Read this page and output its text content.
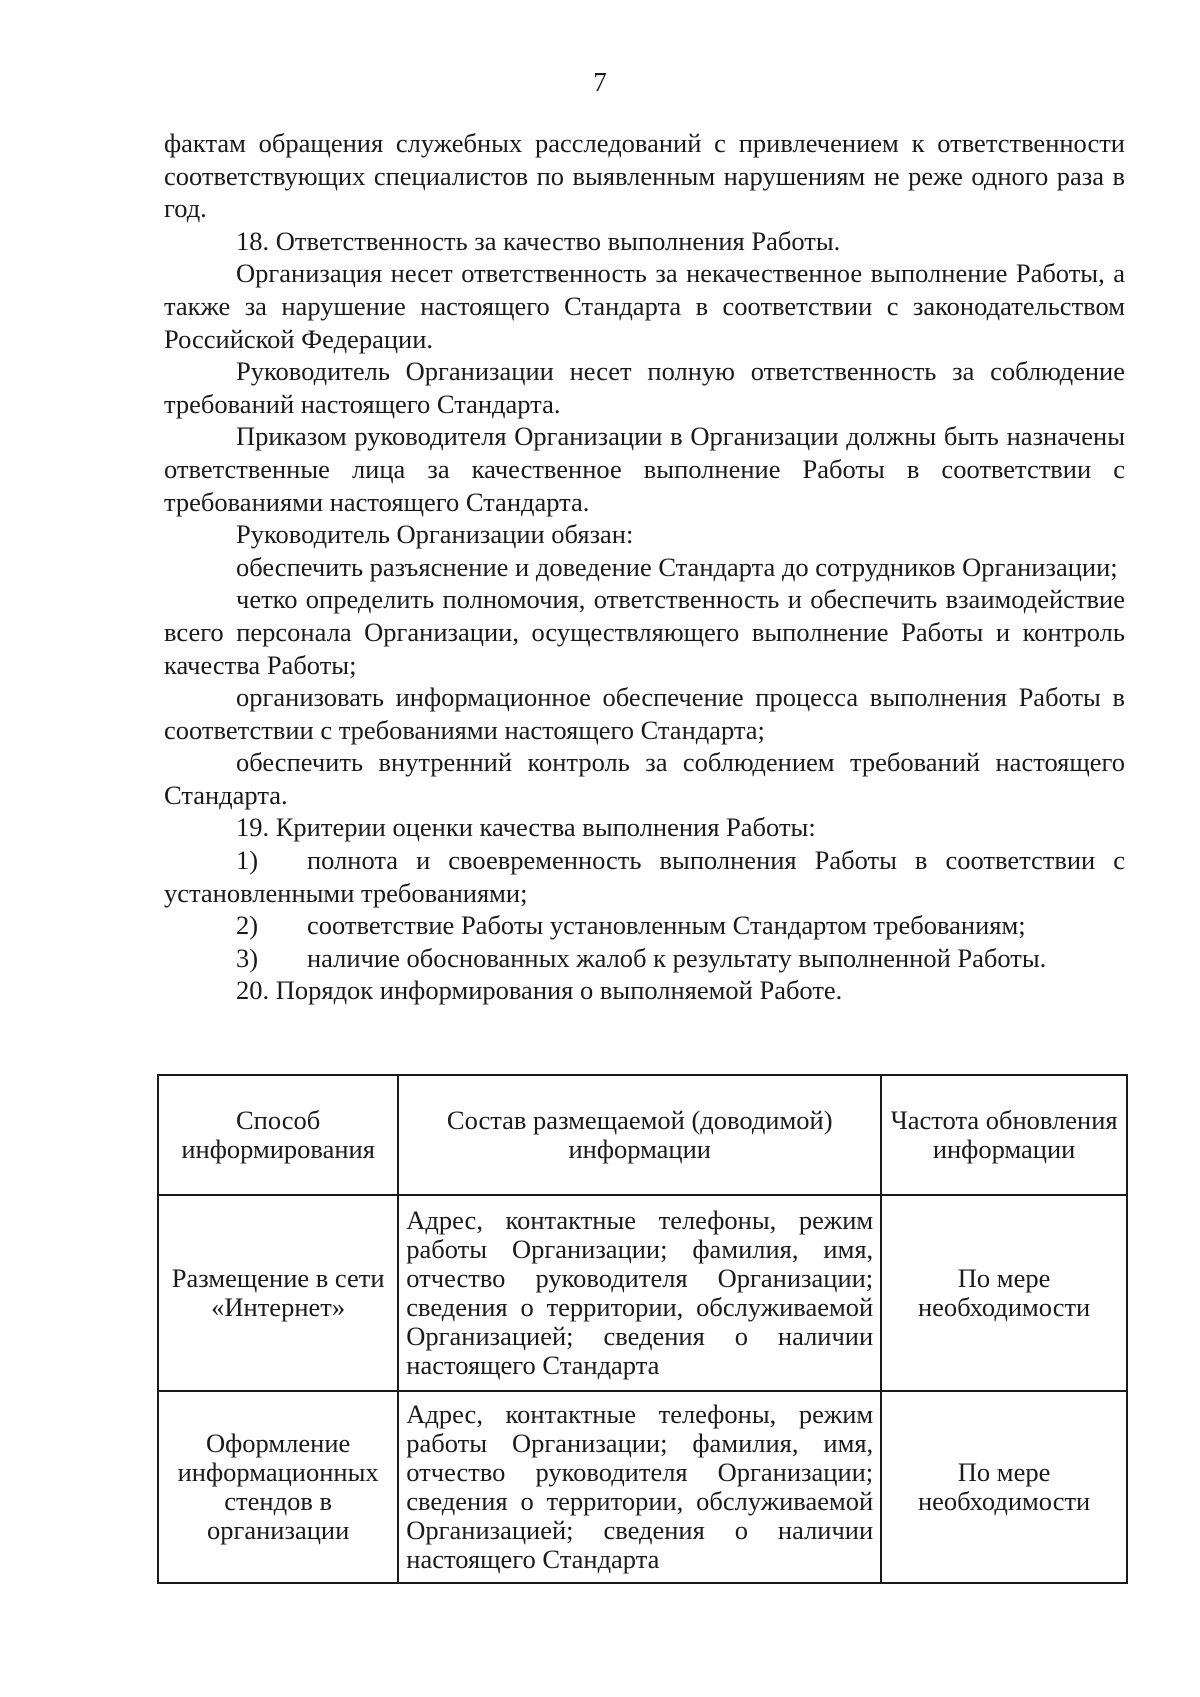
7

фактам обращения служебных расследований с привлечением к ответственности соответствующих специалистов по выявленным нарушениям не реже одного раза в год.

18. Ответственность за качество выполнения Работы.

Организация несет ответственность за некачественное выполнение Работы, а также за нарушение настоящего Стандарта в соответствии с законодательством Российской Федерации.

Руководитель Организации несет полную ответственность за соблюдение требований настоящего Стандарта.

Приказом руководителя Организации в Организации должны быть назначены ответственные лица за качественное выполнение Работы в соответствии с требованиями настоящего Стандарта.

Руководитель Организации обязан:

обеспечить разъяснение и доведение Стандарта до сотрудников Организации;

четко определить полномочия, ответственность и обеспечить взаимодействие всего персонала Организации, осуществляющего выполнение Работы и контроль качества Работы;

организовать информационное обеспечение процесса выполнения Работы в соответствии с требованиями настоящего Стандарта;

обеспечить внутренний контроль за соблюдением требований настоящего Стандарта.

19. Критерии оценки качества выполнения Работы:

1) полнота и своевременность выполнения Работы в соответствии с установленными требованиями;

2) соответствие Работы установленным Стандартом требованиям;

3) наличие обоснованных жалоб к результату выполненной Работы.

20. Порядок информирования о выполняемой Работе.

Способ информирования	Состав размещаемой (доводимой) информации	Частота обновления информации
Размещение в сети «Интернет»	Адрес, контактные телефоны, режим работы Организации; фамилия, имя, отчество руководителя Организации; сведения о территории, обслуживаемой Организацией; сведения о наличии настоящего Стандарта	По мере необходимости
Оформление информационных стендов в организации	Адрес, контактные телефоны, режим работы Организации; фамилия, имя, отчество руководителя Организации; сведения о территории, обслуживаемой Организацией; сведения о наличии настоящего Стандарта	По мере необходимости
